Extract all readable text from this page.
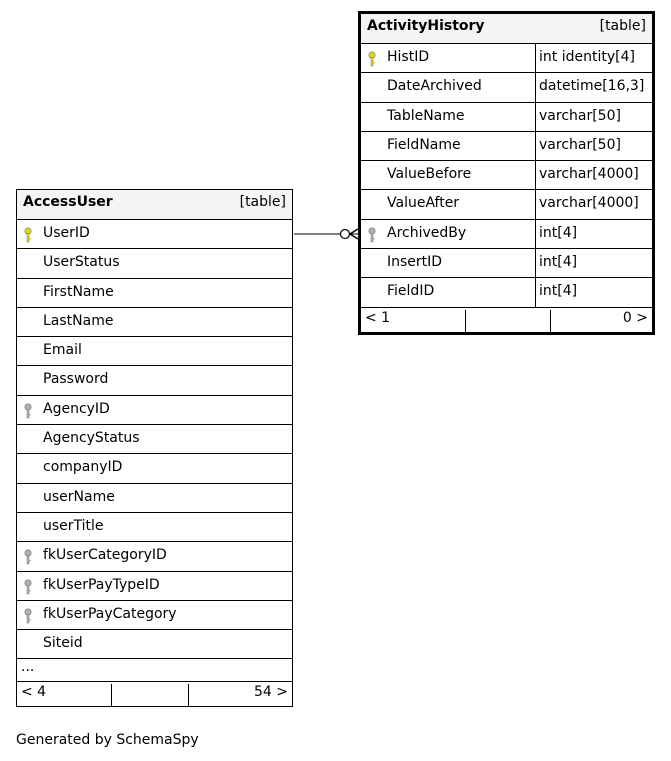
AccessUser	[table]
UserID
UserStatus
FirstName
LastName
Email
Password
AgencyID
AgencyStatus
companyID
userName
userTitle
fkUserCategoryID
fkUserPayTypeID
fkUserPayCategory
Siteid
...
< 4	54 >
ActivityHistory	[table]
HistID	int identity[4]
DateArchived	datetime[16,3]
TableName	varchar[50]
FieldName	varchar[50]
ValueBefore	varchar[4000]
ValueAfter	varchar[4000]
ArchivedBy	int[4]
InsertID	int[4]
FieldID	int[4]
< 1	0 >
Generated by SchemaSpy
